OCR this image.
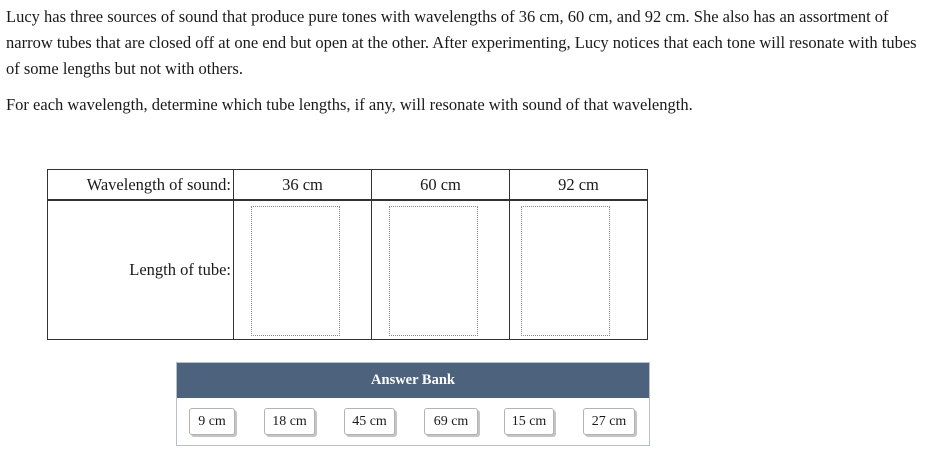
Lucy has three sources of sound that produce pure tones with wavelengths of 36 cm, 60 cm, and 92 cm. She also has an assortment of narrow tubes that are closed off at one end but open at the other. After experimenting, Lucy notices that each tone will resonate with tubes of some lengths but not with others.

For each wavelength, determine which tube lengths, if any, will resonate with sound of that wavelength.

Wavelength of sound:	36 cm	60 cm	92 cm
Length of tube:
Answer Bank
9 cm	18 cm	45 cm	69 cm	15 cm	27 cm
